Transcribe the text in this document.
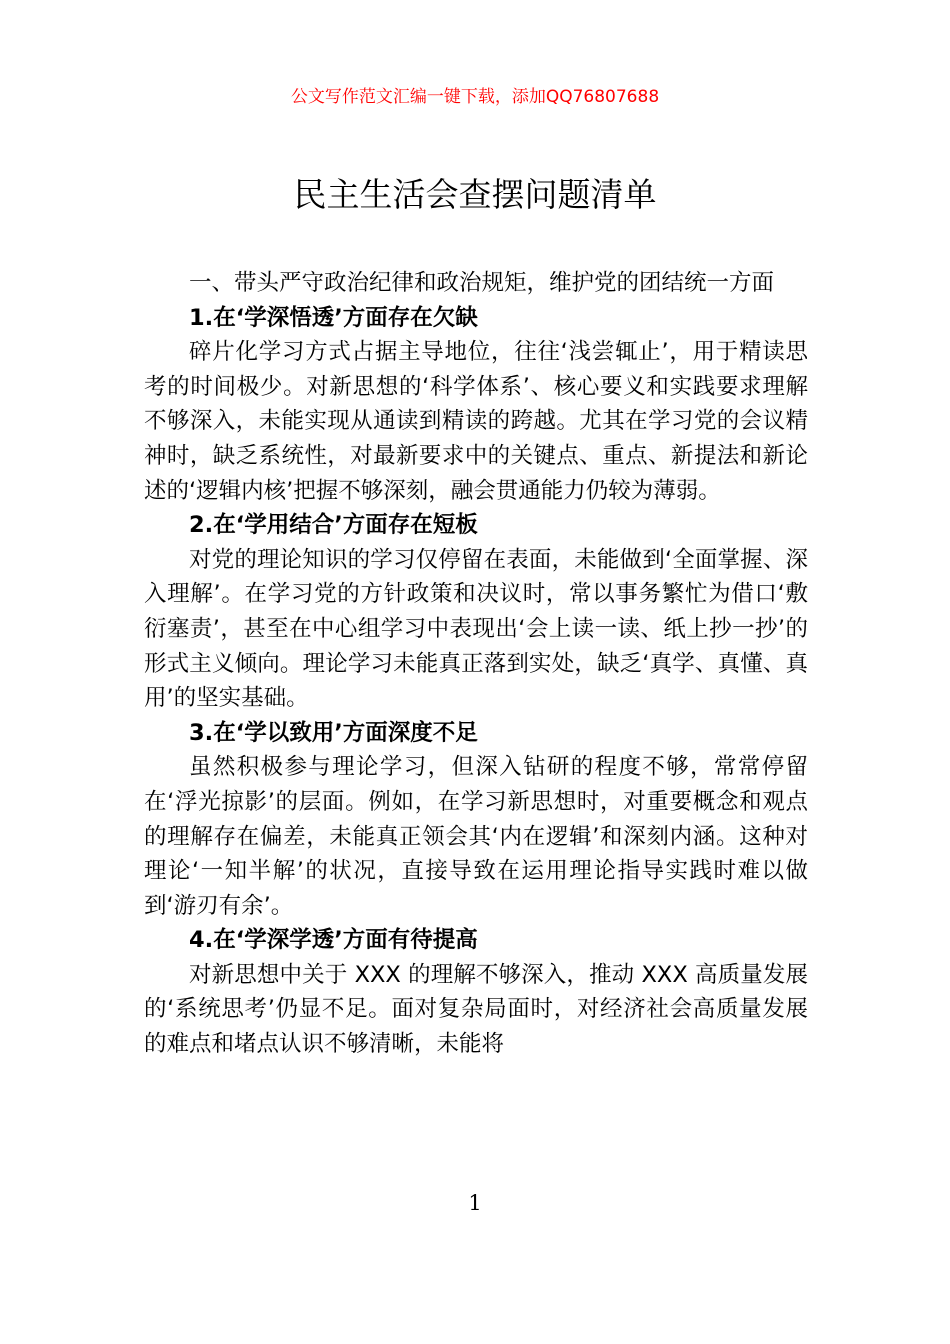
公文写作范文汇编一键下载，添加QQ76807688
民主生活会查摆问题清单

一、带头严守政治纪律和政治规矩，维护党的团结统一方面

1.在‘学深悟透’方面存在欠缺

碎片化学习方式占据主导地位，往往‘浅尝辄止’，用于精读思考的时间极少。对新思想的‘科学体系’、核心要义和实践要求理解不够深入，未能实现从通读到精读的跨越。尤其在学习党的会议精神时，缺乏系统性，对最新要求中的关键点、重点、新提法和新论述的‘逻辑内核’把握不够深刻，融会贯通能力仍较为薄弱。

2.在‘学用结合’方面存在短板

对党的理论知识的学习仅停留在表面，未能做到‘全面掌握、深入理解’。在学习党的方针政策和决议时，常以事务繁忙为借口‘敷衍塞责’，甚至在中心组学习中表现出‘会上读一读、纸上抄一抄’的形式主义倾向。理论学习未能真正落到实处，缺乏‘真学、真懂、真用’的坚实基础。

3.在‘学以致用’方面深度不足

虽然积极参与理论学习，但深入钻研的程度不够，常常停留在‘浮光掠影’的层面。例如，在学习新思想时，对重要概念和观点的理解存在偏差，未能真正领会其‘内在逻辑’和深刻内涵。这种对理论‘一知半解’的状况，直接导致在运用理论指导实践时难以做到‘游刃有余’。

4.在‘学深学透’方面有待提高

对新思想中关于 XXX 的理解不够深入，推动 XXX 高质量发展的‘系统思考’仍显不足。面对复杂局面时，对经济社会高质量发展的难点和堵点认识不够清晰，未能将

1
